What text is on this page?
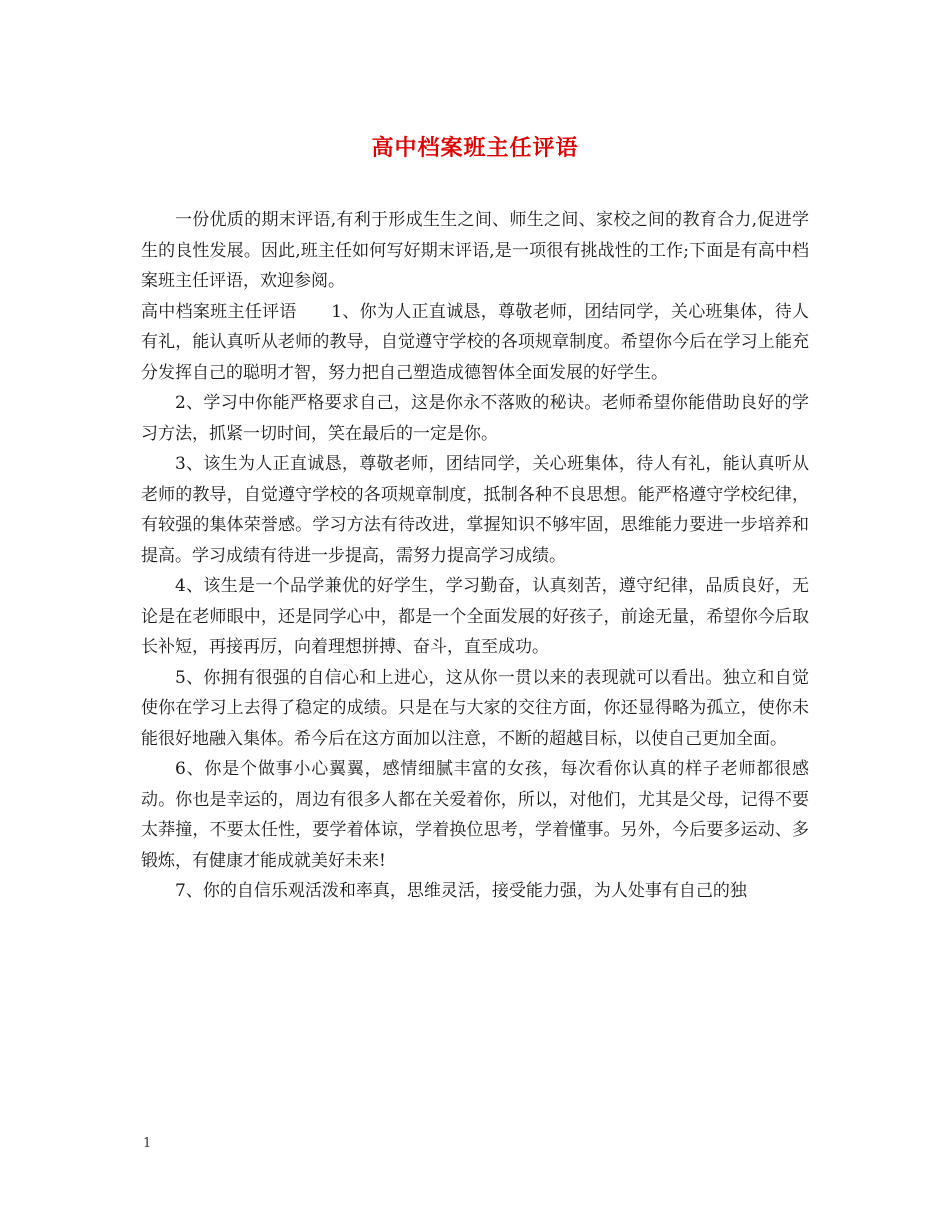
高中档案班主任评语

一份优质的期末评语,有利于形成生生之间、师生之间、家校之间的教育合力,促进学生的良性发展。因此,班主任如何写好期末评语,是一项很有挑战性的工作;下面是有高中档案班主任评语，欢迎参阅。

高中档案班主任评语　　1、你为人正直诚恳，尊敬老师，团结同学，关心班集体，待人有礼，能认真听从老师的教导，自觉遵守学校的各项规章制度。希望你今后在学习上能充分发挥自己的聪明才智，努力把自己塑造成德智体全面发展的好学生。

2、学习中你能严格要求自己，这是你永不落败的秘诀。老师希望你能借助良好的学习方法，抓紧一切时间，笑在最后的一定是你。

3、该生为人正直诚恳，尊敬老师，团结同学，关心班集体，待人有礼，能认真听从老师的教导，自觉遵守学校的各项规章制度，抵制各种不良思想。能严格遵守学校纪律，有较强的集体荣誉感。学习方法有待改进，掌握知识不够牢固，思维能力要进一步培养和提高。学习成绩有待进一步提高，需努力提高学习成绩。

4、该生是一个品学兼优的好学生，学习勤奋，认真刻苦，遵守纪律，品质良好，无论是在老师眼中，还是同学心中，都是一个全面发展的好孩子，前途无量，希望你今后取长补短，再接再厉，向着理想拼搏、奋斗，直至成功。

5、你拥有很强的自信心和上进心，这从你一贯以来的表现就可以看出。独立和自觉使你在学习上去得了稳定的成绩。只是在与大家的交往方面，你还显得略为孤立，使你未能很好地融入集体。希今后在这方面加以注意，不断的超越目标，以使自己更加全面。

6、你是个做事小心翼翼，感情细腻丰富的女孩，每次看你认真的样子老师都很感动。你也是幸运的，周边有很多人都在关爱着你，所以，对他们，尤其是父母，记得不要太莽撞，不要太任性，要学着体谅，学着换位思考，学着懂事。另外，今后要多运动、多锻炼，有健康才能成就美好未来!

7、你的自信乐观活泼和率真，思维灵活，接受能力强，为人处事有自己的独

1
